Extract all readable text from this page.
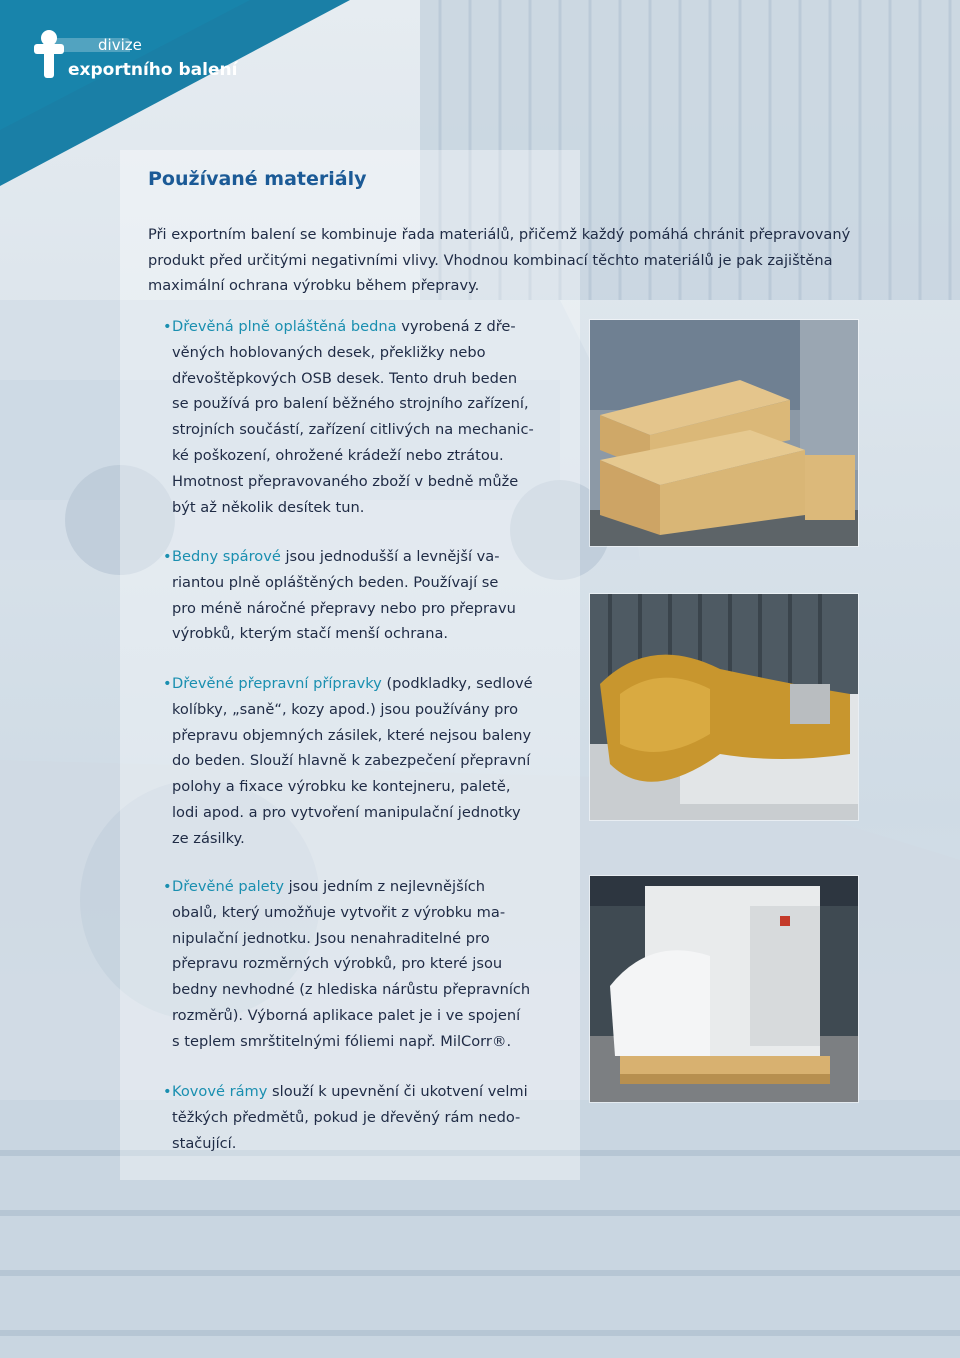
divize
exportního balení
Používané materiály

Při exportním balení se kombinuje řada materiálů, přičemž každý pomáhá chránit přepravovaný produkt před určitými negativními vlivy. Vhodnou kombinací těchto materiálů je pak zajištěna maximální ochrana výrobku během přepravy.

• Dřevěná plně opláštěná bedna vyrobená z dře-
věných hoblovaných desek, překližky nebo
dřevoštěpkových OSB desek. Tento druh beden
se používá pro balení běžného strojního zařízení,
strojních součástí, zařízení citlivých na mechanic-
ké poškození, ohrožené krádeží nebo ztrátou.
Hmotnost přepravovaného zboží v bedně může
být až několik desítek tun.

• Bedny spárové jsou jednodušší a levnější va-
riantou plně opláštěných beden. Používají se
pro méně náročné přepravy nebo pro přepravu
výrobků, kterým stačí menší ochrana.

• Dřevěné přepravní přípravky (podkladky, sedlové
kolíbky, „saně“, kozy apod.) jsou používány pro
přepravu objemných zásilek, které nejsou baleny
do beden. Slouží hlavně k zabezpečení přepravní
polohy a fixace výrobku ke kontejneru, paletě,
lodi apod. a pro vytvoření manipulační jednotky
ze zásilky.

• Dřevěné palety jsou jedním z nejlevnějších
obalů, který umožňuje vytvořit z výrobku ma-
nipulační jednotku. Jsou nenahraditelné pro
přepravu rozměrných výrobků, pro které jsou
bedny nevhodné (z hlediska nárůstu přepravních
rozměrů). Výborná aplikace palet je i ve spojení
s teplem smrštitelnými fóliemi např. MilCorr®.

• Kovové rámy slouží k upevnění či ukotvení velmi
těžkých předmětů, pokud je dřevěný rám nedo-
stačující.
